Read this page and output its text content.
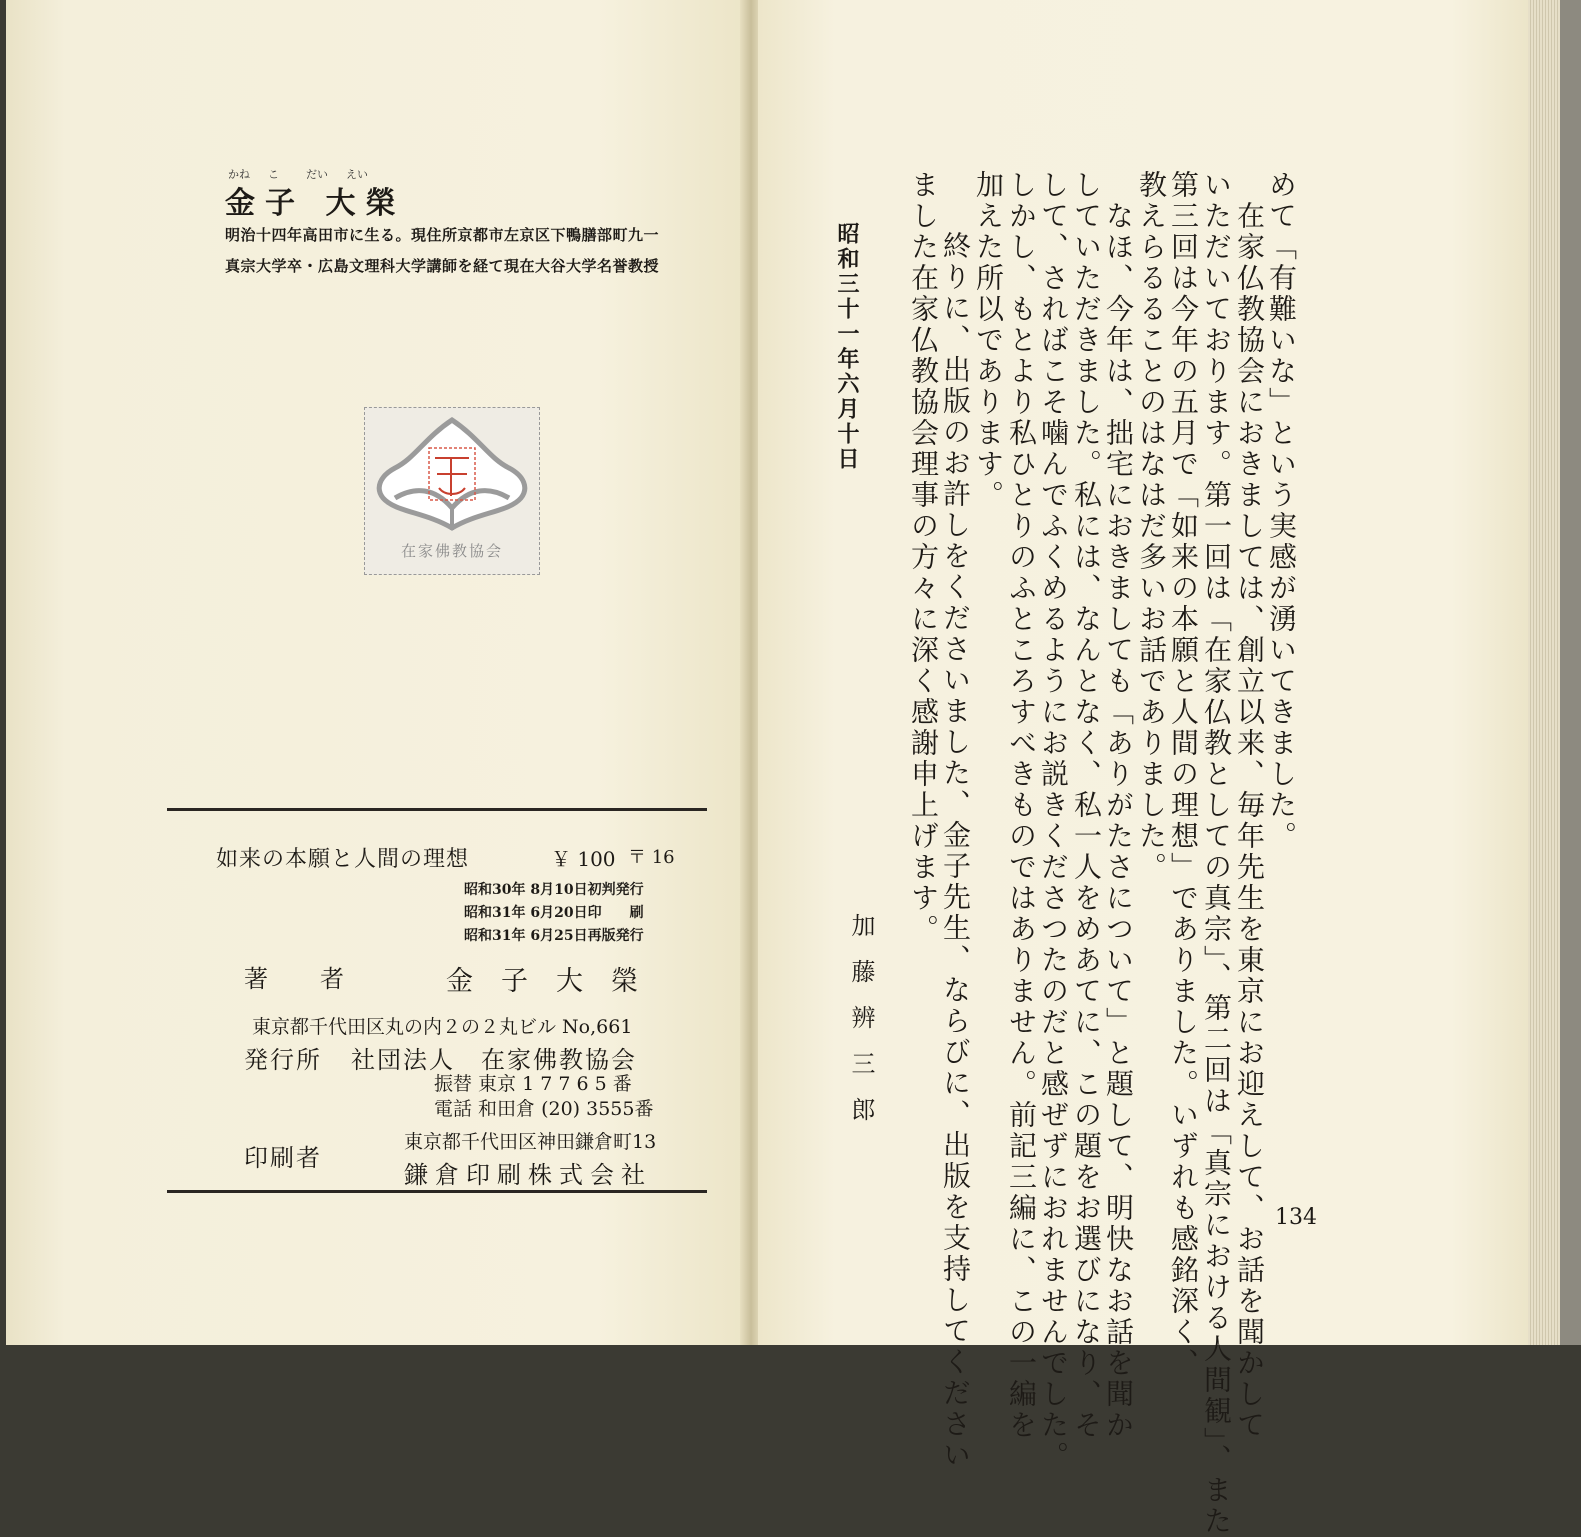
かね こ だい えい
金子 大榮
明治十四年高田市に生る。現住所京都市左京区下鴨膳部町九一
真宗大学卒・広島文理科大学講師を経て現在大谷大学名誉教授
在家佛教協会
如来の本願と人間の理想	￥ 100 〒 16
昭和30年 8月10日初判発行
昭和31年 6月20日印　　刷
昭和31年 6月25日再版発行
著　者	金子大榮
東京都千代田区丸の内２の２丸ビル No,661
発行所 社団法人　在家佛教協会
振替 東京 1 7 7 6 5 番
電話 和田倉 (20) 3555番
印刷者
東京都千代田区神田鎌倉町13
鎌倉印刷株式会社
めて「有難いな」という実感が湧いてきました。
　在家仏教協会におきましては、創立以来、毎年先生を東京にお迎えして、お話を聞かして
いただいております。第一回は「在家仏教としての真宗」、第二回は「真宗における人間観」、また
第三回は今年の五月で「如来の本願と人間の理想」でありました。いずれも感銘深く、
教えらるることのはなはだ多いお話でありました。
　なほ、今年は、拙宅におきましても「ありがたさについて」と題して、明快なお話を聞か
していただきました。私には、なんとなく、私一人をめあてに、この題をお選びになり、そ
して、さればこそ噛んでふくめるようにお説きくださつたのだと感ぜずにおれませんでした。
しかし、もとより私ひとりのふところすべきものではありません。前記三編に、この一編を
加えた所以であります。
　終りに、出版のお許しをくださいました、金子先生、ならびに、出版を支持してください
ました在家仏教協会理事の方々に深く感謝申上げます。
昭和三十一年六月十日
加藤辨三郎
134
